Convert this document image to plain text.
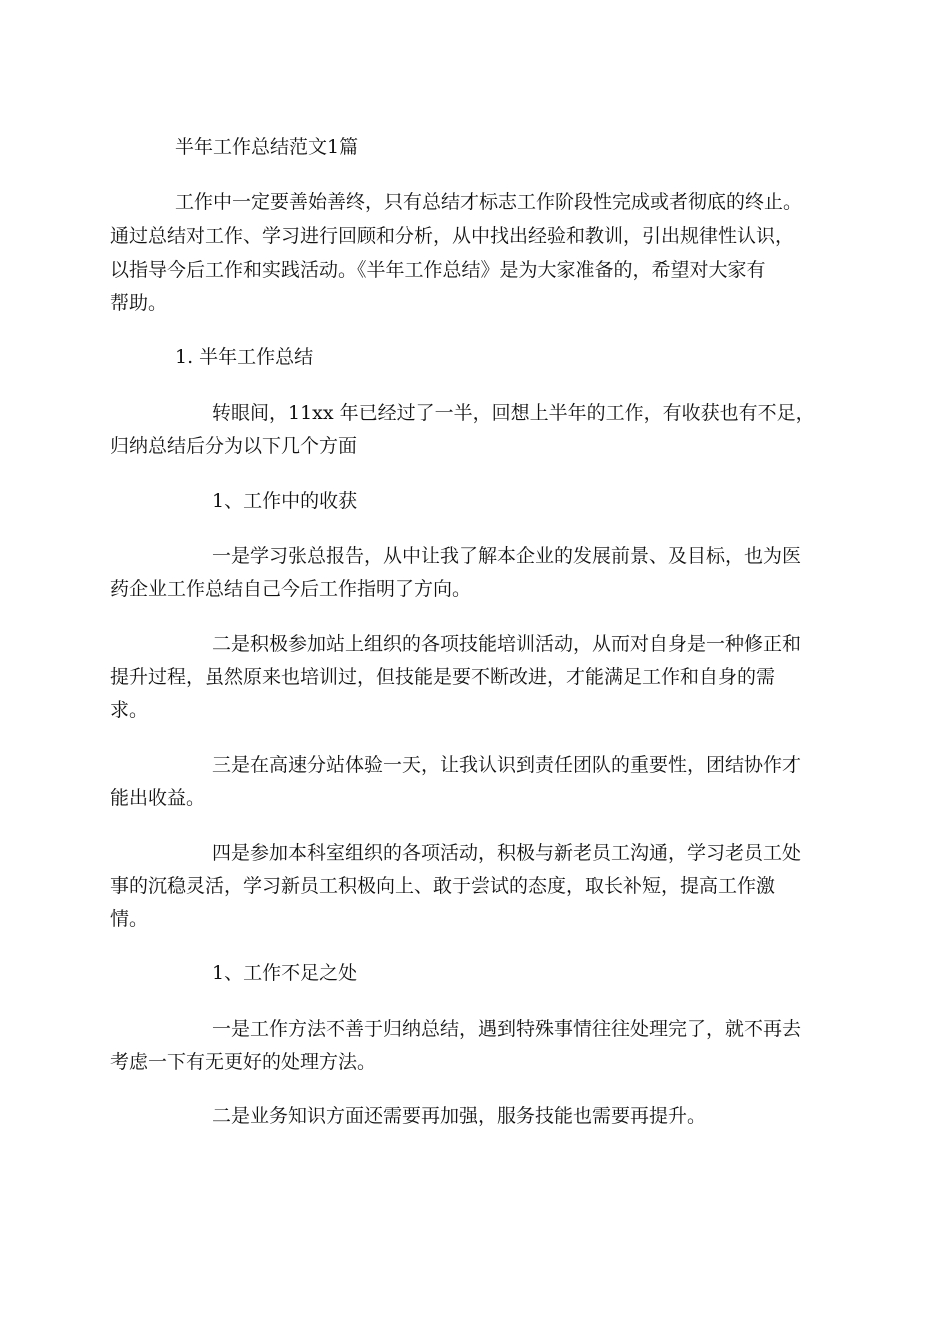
半年工作总结范文1篇
工作中一定要善始善终，只有总结才标志工作阶段性完成或者彻底的终止。
通过总结对工作、学习进行回顾和分析，从中找出经验和教训，引出规律性认识，
以指导今后工作和实践活动。《半年工作总结》是为大家准备的，希望对大家有
帮助。
1. 半年工作总结
转眼间，11xx 年已经过了一半，回想上半年的工作，有收获也有不足，
归纳总结后分为以下几个方面
1、工作中的收获
一是学习张总报告，从中让我了解本企业的发展前景、及目标，也为医
药企业工作总结自己今后工作指明了方向。
二是积极参加站上组织的各项技能培训活动，从而对自身是一种修正和
提升过程，虽然原来也培训过，但技能是要不断改进，才能满足工作和自身的需
求。
三是在高速分站体验一天，让我认识到责任团队的重要性，团结协作才
能出收益。
四是参加本科室组织的各项活动，积极与新老员工沟通，学习老员工处
事的沉稳灵活，学习新员工积极向上、敢于尝试的态度，取长补短，提高工作激
情。
1、工作不足之处
一是工作方法不善于归纳总结，遇到特殊事情往往处理完了，就不再去
考虑一下有无更好的处理方法。
二是业务知识方面还需要再加强，服务技能也需要再提升。
